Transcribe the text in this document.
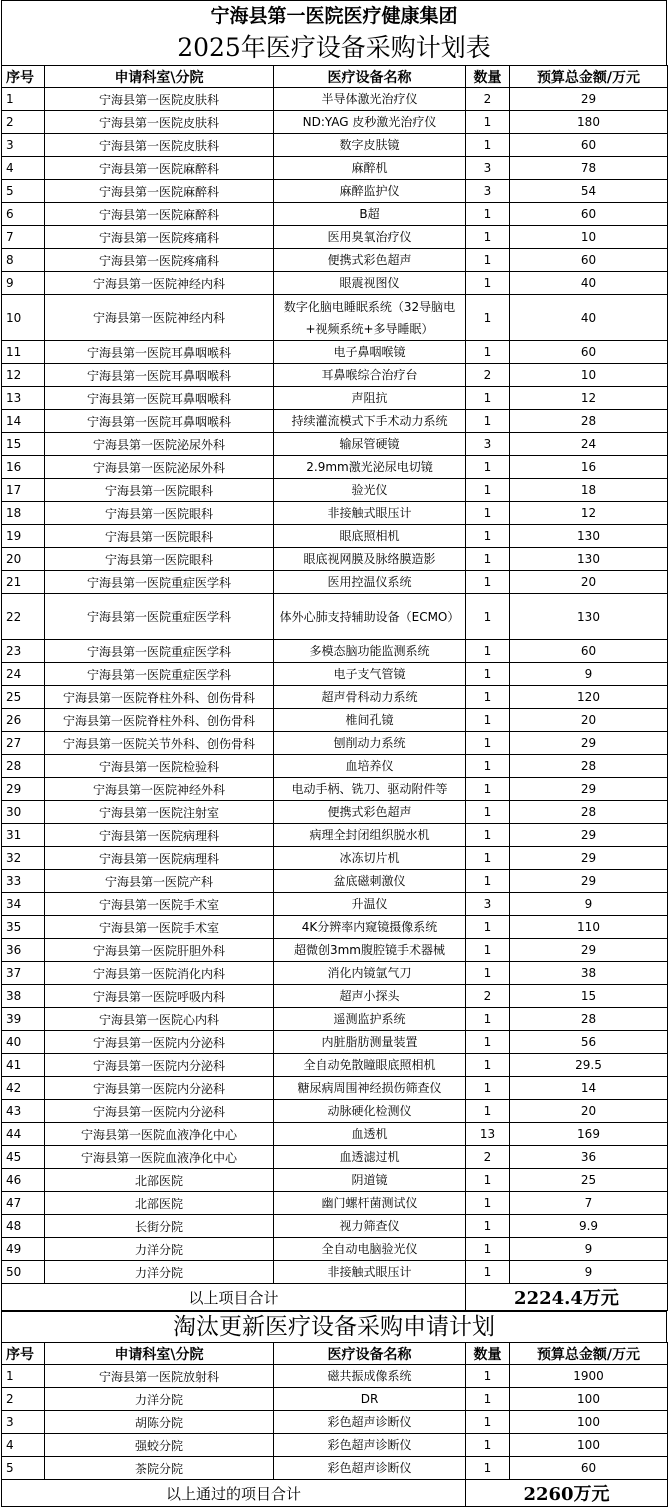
宁海县第一医院医疗健康集团
2025年医疗设备采购计划表
序号	申请科室\分院	医疗设备名称	数量	预算总金额/万元
1	宁海县第一医院皮肤科	半导体激光治疗仪	2	29
2	宁海县第一医院皮肤科	ND:YAG 皮秒激光治疗仪	1	180
3	宁海县第一医院皮肤科	数字皮肤镜	1	60
4	宁海县第一医院麻醉科	麻醉机	3	78
5	宁海县第一医院麻醉科	麻醉监护仪	3	54
6	宁海县第一医院麻醉科	B超	1	60
7	宁海县第一医院疼痛科	医用臭氧治疗仪	1	10
8	宁海县第一医院疼痛科	便携式彩色超声	1	60
9	宁海县第一医院神经内科	眼震视图仪	1	40
10	宁海县第一医院神经内科	数字化脑电睡眠系统（32导脑电+视频系统+多导睡眠）	1	40
11	宁海县第一医院耳鼻咽喉科	电子鼻咽喉镜	1	60
12	宁海县第一医院耳鼻咽喉科	耳鼻喉综合治疗台	2	10
13	宁海县第一医院耳鼻咽喉科	声阻抗	1	12
14	宁海县第一医院耳鼻咽喉科	持续灌流模式下手术动力系统	1	28
15	宁海县第一医院泌尿外科	输尿管硬镜	3	24
16	宁海县第一医院泌尿外科	2.9mm激光泌尿电切镜	1	16
17	宁海县第一医院眼科	验光仪	1	18
18	宁海县第一医院眼科	非接触式眼压计	1	12
19	宁海县第一医院眼科	眼底照相机	1	130
20	宁海县第一医院眼科	眼底视网膜及脉络膜造影	1	130
21	宁海县第一医院重症医学科	医用控温仪系统	1	20
22	宁海县第一医院重症医学科	体外心肺支持辅助设备（ECMO）	1	130
23	宁海县第一医院重症医学科	多模态脑功能监测系统	1	60
24	宁海县第一医院重症医学科	电子支气管镜	1	9
25	宁海县第一医院脊柱外科、创伤骨科	超声骨科动力系统	1	120
26	宁海县第一医院脊柱外科、创伤骨科	椎间孔镜	1	20
27	宁海县第一医院关节外科、创伤骨科	刨削动力系统	1	29
28	宁海县第一医院检验科	血培养仪	1	28
29	宁海县第一医院神经外科	电动手柄、铣刀、驱动附件等	1	29
30	宁海县第一医院注射室	便携式彩色超声	1	28
31	宁海县第一医院病理科	病理全封闭组织脱水机	1	29
32	宁海县第一医院病理科	冰冻切片机	1	29
33	宁海县第一医院产科	盆底磁刺激仪	1	29
34	宁海县第一医院手术室	升温仪	3	9
35	宁海县第一医院手术室	4K分辨率内窥镜摄像系统	1	110
36	宁海县第一医院肝胆外科	超微创3mm腹腔镜手术器械	1	29
37	宁海县第一医院消化内科	消化内镜氩气刀	1	38
38	宁海县第一医院呼吸内科	超声小探头	2	15
39	宁海县第一医院心内科	遥测监护系统	1	28
40	宁海县第一医院内分泌科	内脏脂肪测量装置	1	56
41	宁海县第一医院内分泌科	全自动免散瞳眼底照相机	1	29.5
42	宁海县第一医院内分泌科	糖尿病周围神经损伤筛查仪	1	14
43	宁海县第一医院内分泌科	动脉硬化检测仪	1	20
44	宁海县第一医院血液净化中心	血透机	13	169
45	宁海县第一医院血液净化中心	血透滤过机	2	36
46	北部医院	阴道镜	1	25
47	北部医院	幽门螺杆菌测试仪	1	7
48	长街分院	视力筛查仪	1	9.9
49	力洋分院	全自动电脑验光仪	1	9
50	力洋分院	非接触式眼压计	1	9
以上项目合计			2224.4万元	
淘汰更新医疗设备采购申请计划
序号	申请科室\分院	医疗设备名称	数量	预算总金额/万元
1	宁海县第一医院放射科	磁共振成像系统	1	1900
2	力洋分院	DR	1	100
3	胡陈分院	彩色超声诊断仪	1	100
4	强蛟分院	彩色超声诊断仪	1	100
5	茶院分院	彩色超声诊断仪	1	60
以上通过的项目合计			2260万元	
